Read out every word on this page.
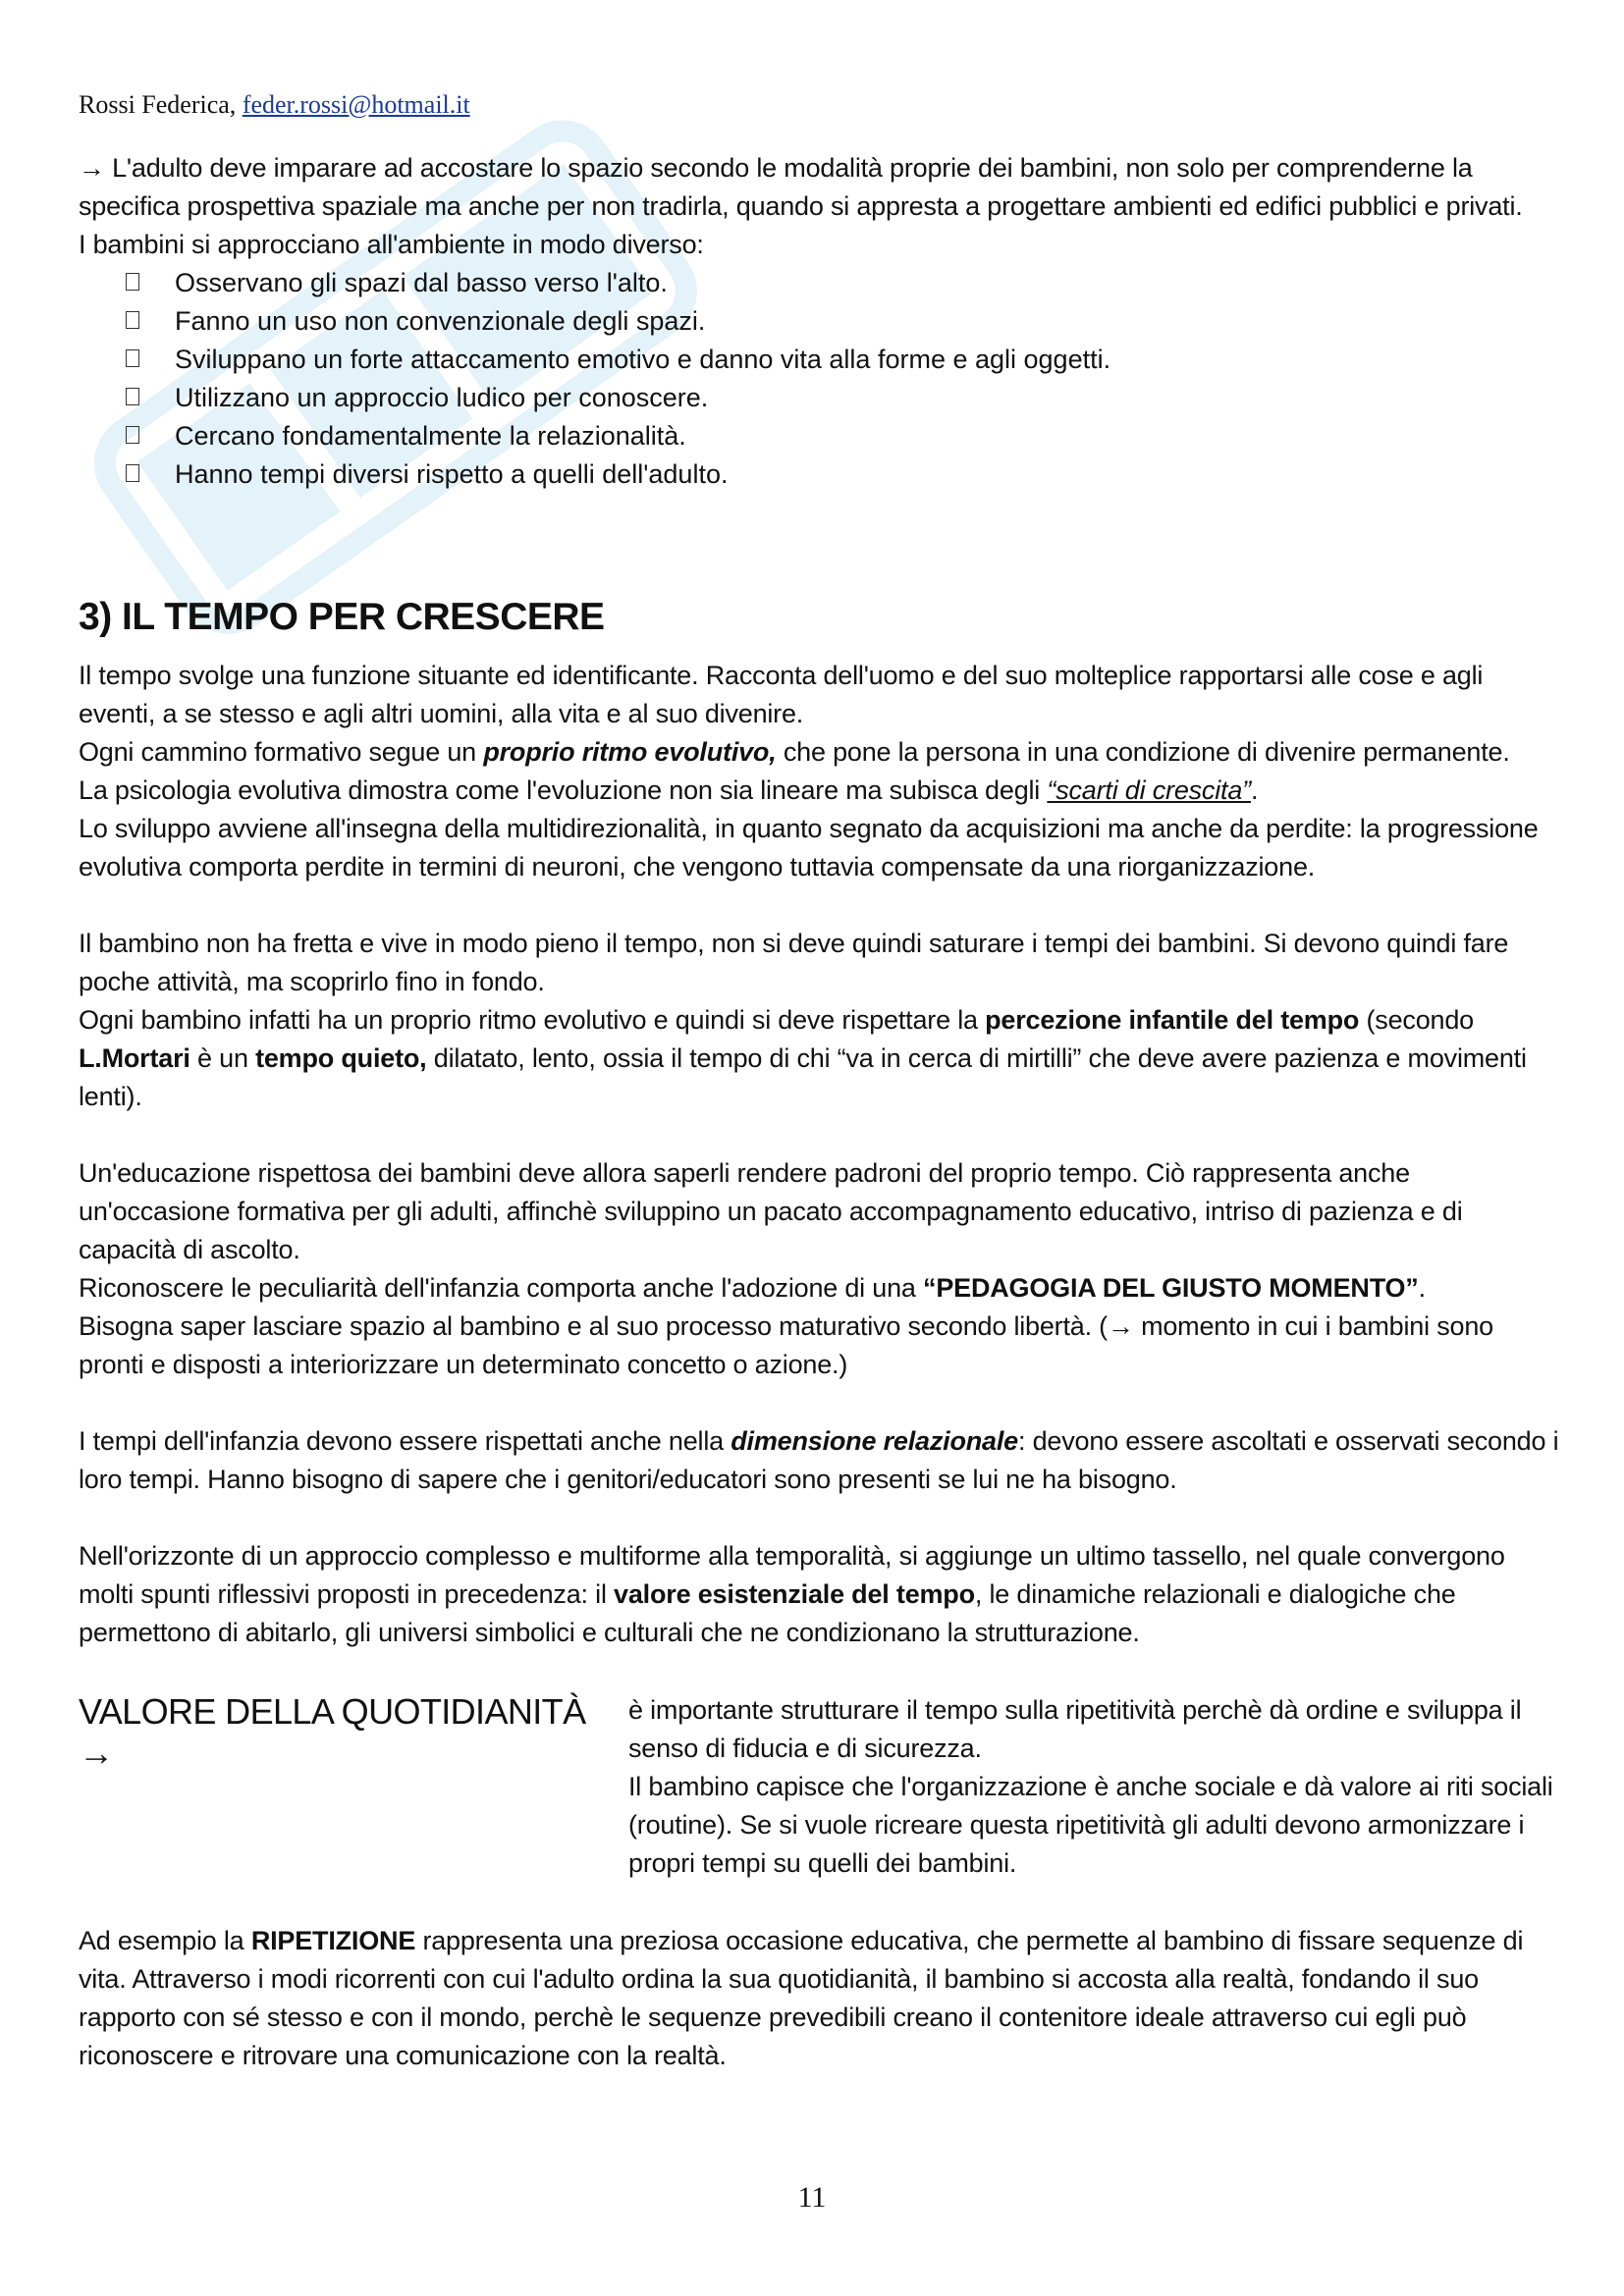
Rossi Federica, feder.rossi@hotmail.it

→ L'adulto deve imparare ad accostare lo spazio secondo le modalità proprie dei bambini, non solo per comprenderne la specifica prospettiva spaziale ma anche per non tradirla, quando si appresta a progettare ambienti ed edifici pubblici e privati.

I bambini si approcciano all'ambiente in modo diverso:

Osservano gli spazi dal basso verso l'alto.
Fanno un uso non convenzionale degli spazi.
Sviluppano un forte attaccamento emotivo e danno vita alla forme e agli oggetti.
Utilizzano un approccio ludico per conoscere.
Cercano fondamentalmente la relazionalità.
Hanno tempi diversi rispetto a quelli dell'adulto.
3) IL TEMPO PER CRESCERE

Il tempo svolge una funzione situante ed identificante. Racconta dell'uomo e del suo molteplice rapportarsi alle cose e agli eventi, a se stesso e agli altri uomini, alla vita e al suo divenire.

Ogni cammino formativo segue un proprio ritmo evolutivo, che pone la persona in una condizione di divenire permanente.

La psicologia evolutiva dimostra come l'evoluzione non sia lineare ma subisca degli “scarti di crescita”.

Lo sviluppo avviene all'insegna della multidirezionalità, in quanto segnato da acquisizioni ma anche da perdite: la progressione evolutiva comporta perdite in termini di neuroni, che vengono tuttavia compensate da una riorganizzazione.

Il bambino non ha fretta e vive in modo pieno il tempo, non si deve quindi saturare i tempi dei bambini. Si devono quindi fare poche attività, ma scoprirlo fino in fondo.

Ogni bambino infatti ha un proprio ritmo evolutivo e quindi si deve rispettare la percezione infantile del tempo (secondo L.Mortari è un tempo quieto, dilatato, lento, ossia il tempo di chi “va in cerca di mirtilli” che deve avere pazienza e movimenti lenti).

Un'educazione rispettosa dei bambini deve allora saperli rendere padroni del proprio tempo. Ciò rappresenta anche un'occasione formativa per gli adulti, affinchè sviluppino un pacato accompagnamento educativo, intriso di pazienza e di capacità di ascolto.

Riconoscere le peculiarità dell'infanzia comporta anche l'adozione di una “PEDAGOGIA DEL GIUSTO MOMENTO”.

Bisogna saper lasciare spazio al bambino e al suo processo maturativo secondo libertà. (→ momento in cui i bambini sono pronti e disposti a interiorizzare un determinato concetto o azione.)

I tempi dell'infanzia devono essere rispettati anche nella dimensione relazionale: devono essere ascoltati e osservati secondo i loro tempi. Hanno bisogno di sapere che i genitori/educatori sono presenti se lui ne ha bisogno.

Nell'orizzonte di un approccio complesso e multiforme alla temporalità, si aggiunge un ultimo tassello, nel quale convergono molti spunti riflessivi proposti in precedenza: il valore esistenziale del tempo, le dinamiche relazionali e dialogiche che permettono di abitarlo, gli universi simbolici e culturali che ne condizionano la strutturazione.

VALORE DELLA QUOTIDIANITÀ →

è importante strutturare il tempo sulla ripetitività perchè dà ordine e sviluppa il senso di fiducia e di sicurezza.

Il bambino capisce che l'organizzazione è anche sociale e dà valore ai riti sociali (routine). Se si vuole ricreare questa ripetitività gli adulti devono armonizzare i propri tempi su quelli dei bambini.

Ad esempio la RIPETIZIONE rappresenta una preziosa occasione educativa, che permette al bambino di fissare sequenze di vita. Attraverso i modi ricorrenti con cui l'adulto ordina la sua quotidianità, il bambino si accosta alla realtà, fondando il suo rapporto con sé stesso e con il mondo, perchè le sequenze prevedibili creano il contenitore ideale attraverso cui egli può riconoscere e ritrovare una comunicazione con la realtà.

11
